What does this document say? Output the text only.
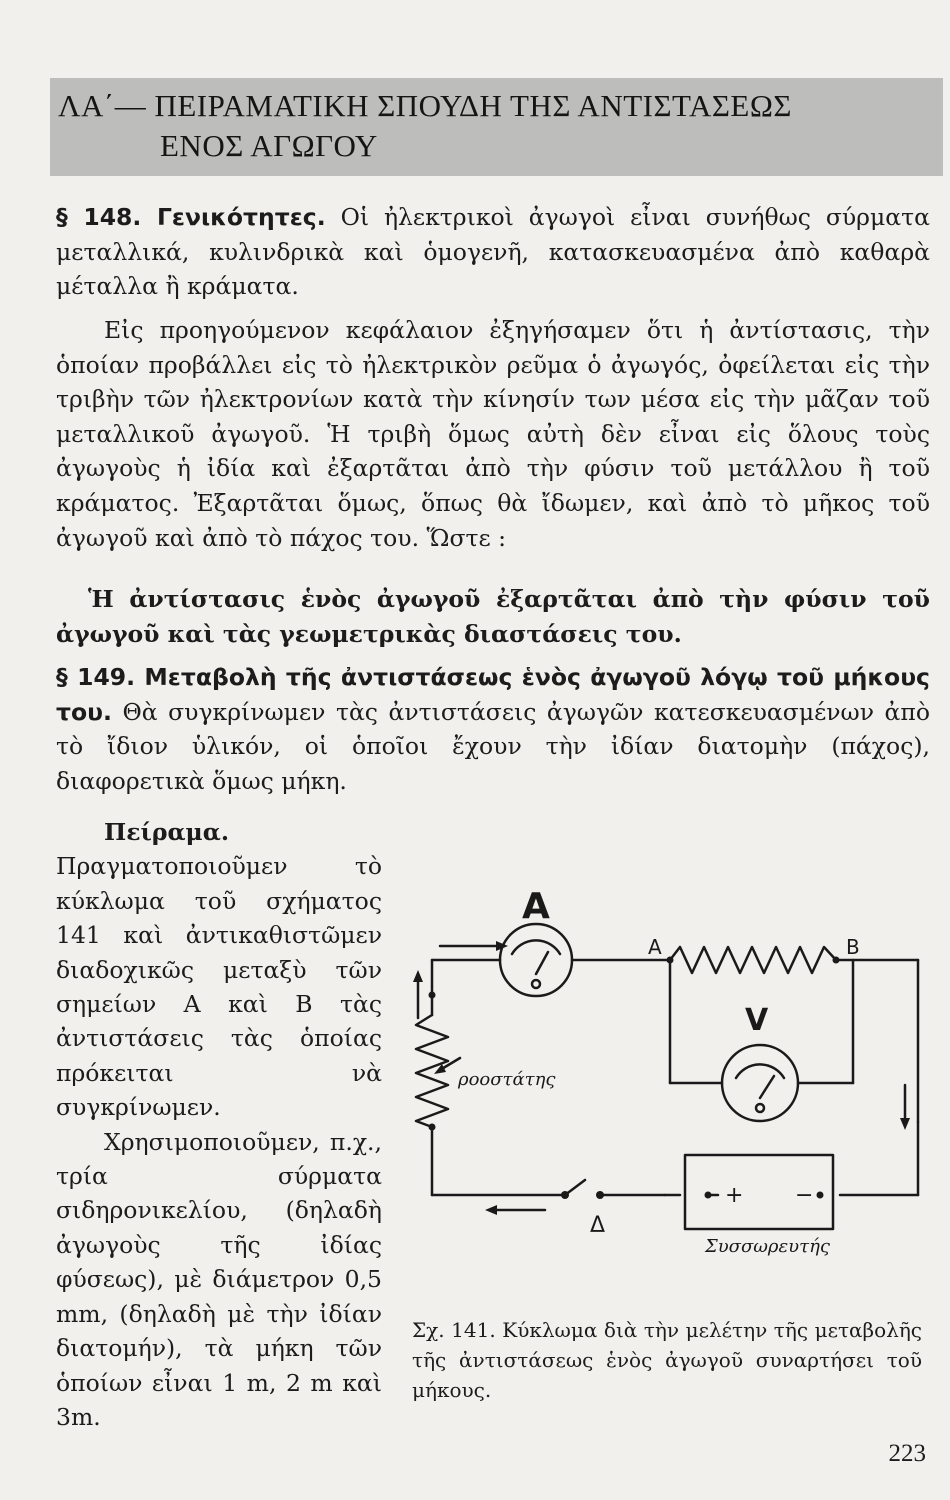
ΛΑ΄— ΠΕΙΡΑΜΑΤΙΚΗ ΣΠΟΥΔΗ ΤΗΣ ΑΝΤΙΣΤΑΣΕΩΣ
ΕΝΟΣ ΑΓΩΓΟΥ

§ 148. Γενικότητες. Οἱ ἠλεκτρικοὶ ἀγωγοὶ εἶναι συνήθως σύρματα μεταλλικά, κυλινδρικὰ καὶ ὁμογενῆ, κατασκευασμένα ἀπὸ καθαρὰ μέταλλα ἢ κράματα.

Εἰς προηγούμενον κεφάλαιον ἐξηγήσαμεν ὅτι ἡ ἀντίστασις, τὴν ὁποίαν προβάλλει εἰς τὸ ἠλεκτρικὸν ρεῦμα ὁ ἀγωγός, ὀφείλεται εἰς τὴν τριβὴν τῶν ἠλεκτρονίων κατὰ τὴν κίνησίν των μέσα εἰς τὴν μᾶζαν τοῦ μεταλλικοῦ ἀγωγοῦ. Ἡ τριβὴ ὅμως αὐτὴ δὲν εἶναι εἰς ὅλους τοὺς ἀγωγοὺς ἡ ἰδία καὶ ἐξαρτᾶται ἀπὸ τὴν φύσιν τοῦ μετάλλου ἢ τοῦ κράματος. Ἐξαρτᾶται ὅμως, ὅπως θὰ ἴδωμεν, καὶ ἀπὸ τὸ μῆκος τοῦ ἀγωγοῦ καὶ ἀπὸ τὸ πάχος του. Ὥστε :

Ἡ ἀντίστασις ἑνὸς ἀγωγοῦ ἐξαρτᾶται ἀπὸ τὴν φύσιν τοῦ ἀγωγοῦ καὶ τὰς γεωμετρικὰς διαστάσεις του.

§ 149. Μεταβολὴ τῆς ἀντιστάσεως ἑνὸς ἀγωγοῦ λόγῳ τοῦ μήκους του. Θὰ συγκρίνωμεν τὰς ἀντιστάσεις ἀγωγῶν κατεσκευασμένων ἀπὸ τὸ ἴδιον ὑλικόν, οἱ ὁποῖοι ἔχουν τὴν ἰδίαν διατομὴν (πάχος), διαφορετικὰ ὅμως μήκη.

Πείραμα. Πραγματοποιοῦμεν τὸ κύκλωμα τοῦ σχήματος 141 καὶ ἀντικαθιστῶμεν διαδοχικῶς μεταξὺ τῶν σημείων Α καὶ Β τὰς ἀντιστάσεις τὰς ὁποίας πρόκειται νὰ συγκρίνωμεν.

Χρησιμοποιοῦμεν, π.χ., τρία σύρματα σιδηρονικελίου, (δηλαδὴ ἀγωγοὺς τῆς ἰδίας φύσεως), μὲ διάμετρον 0,5 mm, (δηλαδὴ μὲ τὴν ἰδίαν διατομήν), τὰ μήκη τῶν ὁποίων εἶναι 1 m, 2 m καὶ 3m.

A
V
A	B
Δ
+ −
ροοστάτης
Συσσωρευτής

Σχ. 141. Κύκλωμα διὰ τὴν μελέτην τῆς μεταβολῆς τῆς ἀντιστάσεως ἑνὸς ἀγωγοῦ συναρτήσει τοῦ μήκους.

223
